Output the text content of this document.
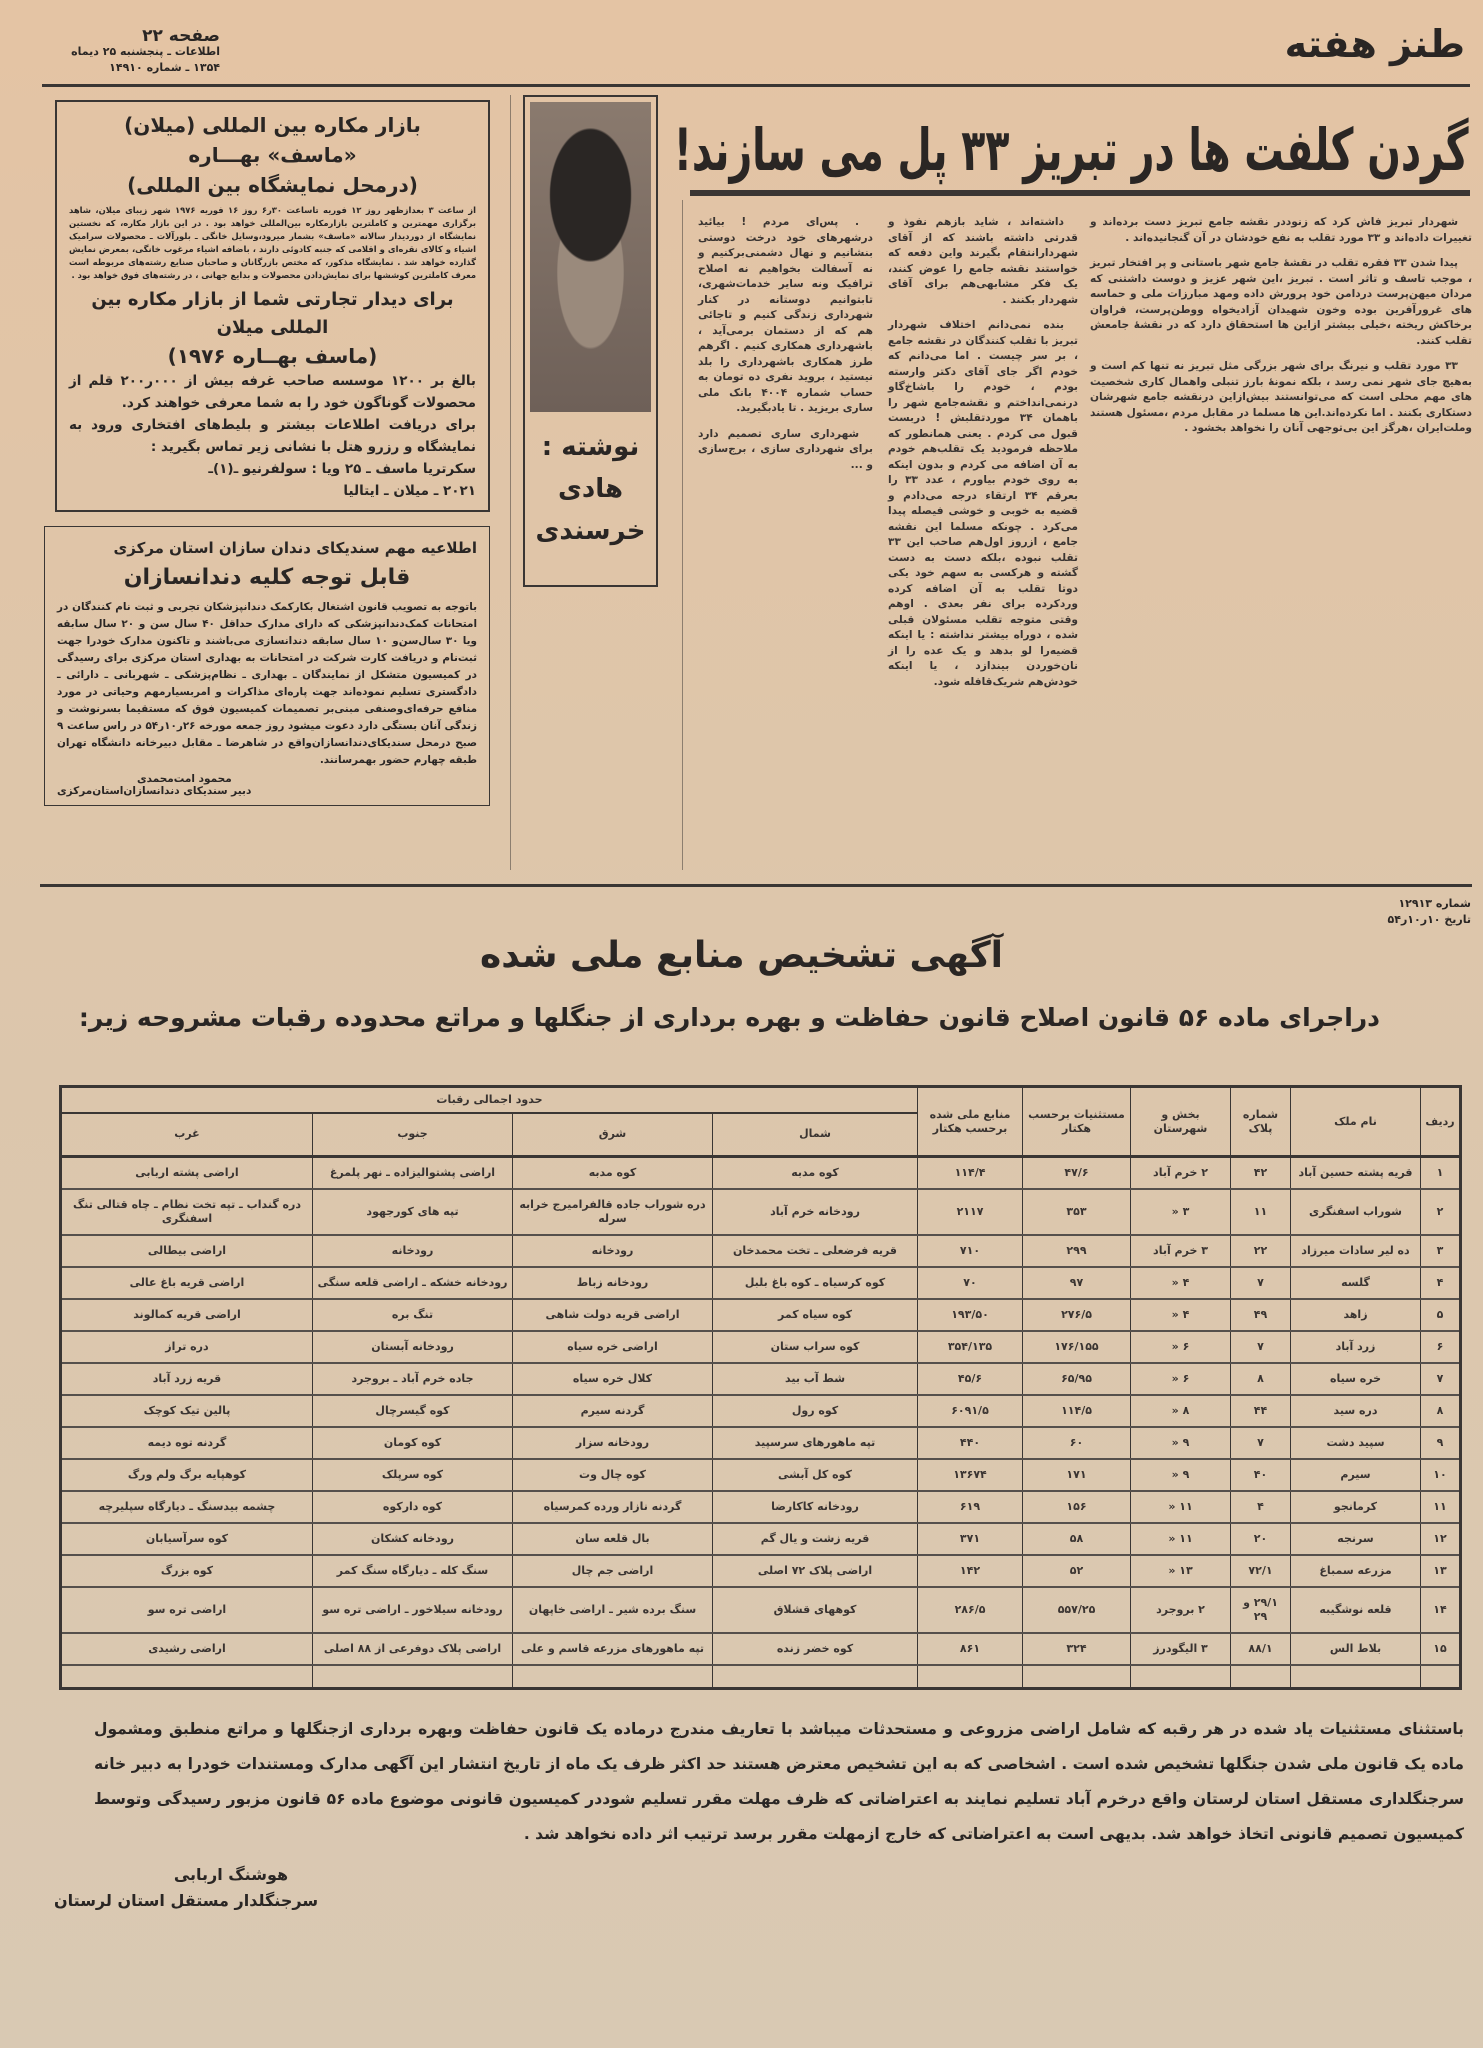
طنز هفته
صفحه ۲۲
اطلاعات ـ پنجشنبه ۲۵ دیماه
۱۳۵۴ ـ شماره ۱۴۹۱۰
گردن کلفت ها در تبریز ۳۳ پل می سازند!
نوشته :
هادی خرسندی

شهردار تبریز فاش کرد که زنوددر نقشه جامع تبریز دست برده‌اند و تغییرات داده‌اند و ۳۳ مورد تقلب به نفع خودشان در آن گنجانیده‌اند .

پیدا شدن ۳۳ فقره تقلب در نقشهٔ جامع شهر باستانی و پر افتخار تبریز ، موجب تاسف و تاثر است . تبریز ،این شهر عزیز و دوست داشتنی که مردان میهن‌پرست دردامن خود پرورش داده ومهد مبارزات ملی و حماسه های غرور‌آفرین بوده وخون شهیدان آزادیخواه ووطن‌پرست، فراوان برخاکش ریخته ،خیلی بیشتر ازاین ها استحقاق دارد که در نقشهٔ جامعش تقلب کنند.

۳۳ مورد تقلب و نیرنگ برای شهر بزرگی مثل تبریز نه تنها کم است و به‌هیچ جای شهر نمی رسد ، بلکه نمونهٔ بارز تنبلی واهمال کاری شخصیت های مهم محلی است که می‌توانستند بیش‌ازاین درنقشه جامع شهرشان دستکاری بکنند . اما نکرده‌اند.این ها مسلما در مقابل مردم ،مسئول هستند وملت‌ایران ،هرگز این بی‌توجهی آنان را نخواهد بخشود .

داشته‌اند ، شاید بازهم نفوذ و قدرتی داشته باشند که از آقای شهردارانتقام بگیرند واین دفعه که خواستند نقشه جامع را عوض کنند، یک فکر مشابهی‌هم برای آقای شهردار بکنند .

بنده نمی‌دانم اختلاف شهردار تبریز با تقلب کنندگان در نقشه جامع ، بر سر چیست . اما می‌دانم که خودم اگر جای آقای دکتر وارسته بودم ، خودم را باشاخ‌گاو درنمی‌انداختم و نقشه‌جامع شهر را باهمان ۳۴ موردتقلبش ! دربست قبول می کردم . یعنی همانطور که ملاحظه فرمودید یک تقلب‌هم خودم به آن اضافه می کردم و بدون اینکه به روی خودم بیاورم ، عدد ۳۳ را بعرقم ۳۴ ارتقاء درجه می‌دادم و قضیه به خوبی و خوشی فیصله پیدا می‌کرد . چونکه مسلما این نقشه جامع ، ازروز اول‌هم صاحب این ۳۳ تقلب نبوده ،بلکه دست به دست گشته و هرکسی به سهم خود یکی دوتا تقلب به آن اضافه کرده وردکرده برای نفر بعدی . اوهم وقتی متوجه تقلب مسئولان قبلی شده ، دوراه بیشتر نداشته : یا اینکه قضیه‌را لو بدهد و یک عده را از نان‌خوردن بیندازد ، یا اینکه خودش‌هم شریک‌قافله شود.

. پس‌ای مردم ! بیائید درشهرهای خود درخت دوستی بنشانیم و نهال دشمنی‌برکنیم و نه آسفالت بخواهیم نه اصلاح ترافیک ونه سایر خدمات‌شهری، تابتوانیم دوستانه در کنار شهرداری زندگی کنیم و تاجائی هم که از دستمان برمی‌آید ، باشهرداری همکاری کنیم . اگرهم طرز همکاری باشهرداری را بلد نیستید ، بروید نفری ده تومان به حساب شماره ۴۰۰۴ بانک ملی ساری بریزید . تا یادبگیرید.

شهرداری ساری تصمیم دارد برای شهرداری سازی ، برج‌سازی و ...

بازار مکاره بین المللی (میلان)
«ماسف» بهـــاره
(درمحل نمایشگاه بین المللی)
از ساعت ۳ بعدازظهر روز ۱۲ فوریه تاساعت ۳۰ر۶ روز ۱۶ فوریه ۱۹۷۶ شهر زیبای میلان، شاهد برگزاری مهمترین و کاملترین بازارمکاره بین‌المللی خواهد بود . در این بازار مکاره، که نخستین نمایشگاه از دوردیدار سالانه «ماسف» بشمار میرود،وسایل خانگی ـ بلورآلات ـ محصولات سرامیک اشیاء و کالای نقره‌ای و اقلامی که جنبه کادوئی دارند ، باضافه اشیاء مرغوب خانگی، بمعرض نمایش گذارده خواهد شد . نمایشگاه مذکور، که مختص بازرگانان و صاحبان صنایع رشته‌های مربوطه است معرف کاملترین کوششها برای نمایش‌دادن محصولات و بدایع جهانی ، در رشته‌های فوق خواهد بود .
برای دیدار تجارتی شما از بازار مکاره بین المللی میلان
(ماسف بهــاره ۱۹۷۶)
بالغ بر ۱۲۰۰ موسسه صاحب غرفه بیش از ۰۰۰ر۲۰۰ قلم از محصولات گوناگون خود را به شما معرفی خواهند کرد.
برای دریافت اطلاعات بیشتر و بلیط‌های افتخاری ورود به نمایشگاه و رزرو هتل با نشانی زیر تماس بگیرید :
سکرتریا ماسف ـ ۲۵ ویا : سولفرنیو ـ(۱)ـ
۲۰۲۱ ـ میلان ـ ایتالیا
اطلاعیه مهم سندیکای دندان سازان استان مرکزی
قابل توجه کلیه دندانسازان
باتوجه به تصویب قانون اشتغال بکارکمک دندانپزشکان تجربی و ثبت نام کنندگان در امتحانات کمک‌دندانپزشکی که دارای مدارک حداقل ۴۰ سال سن و ۲۰ سال سابقه ویا ۳۰ سال‌سن‌و ۱۰ سال سابقه دندانسازی می‌باشند و تاکنون مدارک خودرا جهت ثبت‌نام و دریافت کارت شرکت در امتحانات به بهداری استان مرکزی برای رسیدگی در کمیسیون متشکل از نمایندگان ـ بهداری ـ نظام‌پزشکی ـ شهربانی ـ دارائی ـ دادگستری تسلیم نموده‌اند جهت پاره‌ای مذاکرات و امربسیارمهم وحیاتی در مورد منافع حرفه‌ای‌وصنفی مبنی‌بر تصمیمات کمیسیون فوق که مستقیما بسرنوشت و زندگی آنان بستگی دارد دعوت میشود روز جمعه مورخه ۲۶ر۱۰ر۵۴ در راس ساعت ۹ صبح درمحل سندیکای‌دندانسازان‌واقع در شاهرضا ـ مقابل دبیرخانه دانشگاه تهران طبقه چهارم حضور بهمرسانند.
محمود امت‌محمدی
دبیر سندیکای دندانسازان‌استان‌مرکزی
شماره ۱۲۹۱۳
تاریخ ۱۰ر۱۰ر۵۴
آگهی تشخیص منابع ملی شده
دراجرای ماده ۵۶ قانون اصلاح قانون حفاظت و بهره برداری از جنگلها و مراتع محدوده رقبات مشروحه زیر:
ردیف	نام ملک	شماره پلاک	بخش و شهرستان	مستثنیات برحسب هکتار	منابع ملی شده برحسب هکتار	حدود اجمالی رقبات			
						شمال	شرق	جنوب	غرب
۱	قریه پشته حسین آباد	۴۲	۲ خرم آباد	۴۷/۶	۱۱۴/۴	کوه مدبه	کوه مدبه	اراضی پشتوالیزاده ـ نهر پلمرغ	اراضی پشته اربابی
۲	شوراب اسفنگری	۱۱	۳ «	۳۵۳	۲۱۱۷	رودخانه خرم آباد	دره شوراب جاده قالفرامیرج خرابه سرله	تپه های کورجهود	دره گنداب ـ تپه تخت نظام ـ چاه قتالی تنگ اسفنگری
۳	ده لیر سادات میرزاد	۲۲	۳ خرم آباد	۲۹۹	۷۱۰	قریه فرضعلی ـ تخت محمدخان	رودخانه	رودخانه	اراضی بیطالی
۴	گلسه	۷	۴ «	۹۷	۷۰	کوه کرسیاه ـ کوه باغ بلبل	رودخانه زباط	رودخانه خشکه ـ اراضی قلعه سنگی	اراضی قریه باغ عالی
۵	زاهد	۴۹	۴ «	۲۷۶/۵	۱۹۳/۵۰	کوه سیاه کمر	اراضی قریه دولت شاهی	تنگ بره	اراضی قریه کمالوند
۶	زرد آباد	۷	۶ «	۱۷۶/۱۵۵	۳۵۴/۱۳۵	کوه سراب ستان	اراضی خره سیاه	رودخانه آبستان	دره تراز
۷	خره سیاه	۸	۶ «	۶۵/۹۵	۴۵/۶	شط آب بید	کلال خره سیاه	جاده خرم آباد ـ بروجرد	قریه زرد آباد
۸	دره سید	۴۴	۸ «	۱۱۴/۵	۶۰۹۱/۵	کوه رول	گردنه سیرم	کوه گیسرچال	پالین تیک کوچک
۹	سپید دشت	۷	۹ «	۶۰	۴۴۰	تپه ماهورهای سرسپید	رودخانه سزار	کوه کومان	گردنه توه دیمه
۱۰	سیرم	۴۰	۹ «	۱۷۱	۱۳۶۷۴	کوه کل آبشی	کوه چال وت	کوه سرپلک	کوهپایه برگ ولم ورگ
۱۱	کرمانجو	۴	۱۱ «	۱۵۶	۶۱۹	رودخانه کاکارضا	گردنه نازار ورده کمرسیاه	کوه دارکوه	چشمه بیدسنگ ـ دیارگاه سپلیرچه
۱۲	سرنجه	۲۰	۱۱ «	۵۸	۳۷۱	قریه زشت و یال گم	بال قلعه سان	رودخانه کشکان	کوه سرآسیابان
۱۳	مزرعه سمباغ	۷۲/۱	۱۳ «	۵۲	۱۴۲	اراضی پلاک ۷۲ اصلی	اراضی جم چال	سنگ کله ـ دیارگاه سنگ کمر	کوه بزرگ
۱۴	قلعه نوشگیبه	۲۹/۱ و ۲۹	۲ بروجرد	۵۵۷/۲۵	۲۸۶/۵	کوههای قشلاق	سنگ برده شیر ـ اراضی خاپهان	رودخانه سیلاخور ـ اراضی تره سو	اراضی تره سو
۱۵	بلاط الس	۸۸/۱	۳ الیگودرز	۳۲۴	۸۶۱	کوه خضر زنده	تپه ماهورهای مزرعه قاسم و علی	اراضی پلاک دوفرعی از ۸۸ اصلی	اراضی رشیدی

باستثنای مستثنیات یاد شده در هر رقبه که شامل اراضی مزروعی و مستحدثات میباشد با تعاریف مندرج درماده یک قانون حفاظت وبهره برداری ازجنگلها و مراتع منطبق ومشمول ماده یک قانون ملی شدن جنگلها تشخیص شده است . اشخاصی که به این تشخیص معترض هستند حد اکثر ظرف یک ماه از تاریخ انتشار این آگهی مدارک ومستندات خودرا به دبیر خانه سرجنگلداری مستقل استان لرستان واقع درخرم آباد تسلیم نمایند به اعتراضاتی که ظرف مهلت مقرر تسلیم شوددر کمیسیون قانونی موضوع ماده ۵۶ قانون مزبور رسیدگی وتوسط کمیسیون تصمیم قانونی اتخاذ خواهد شد. بدیهی است به اعتراضاتی که خارج ازمهلت مقرر برسد ترتیب اثر داده نخواهد شد .
هوشنگ اربابی
سرجنگلدار مستقل استان لرستان
